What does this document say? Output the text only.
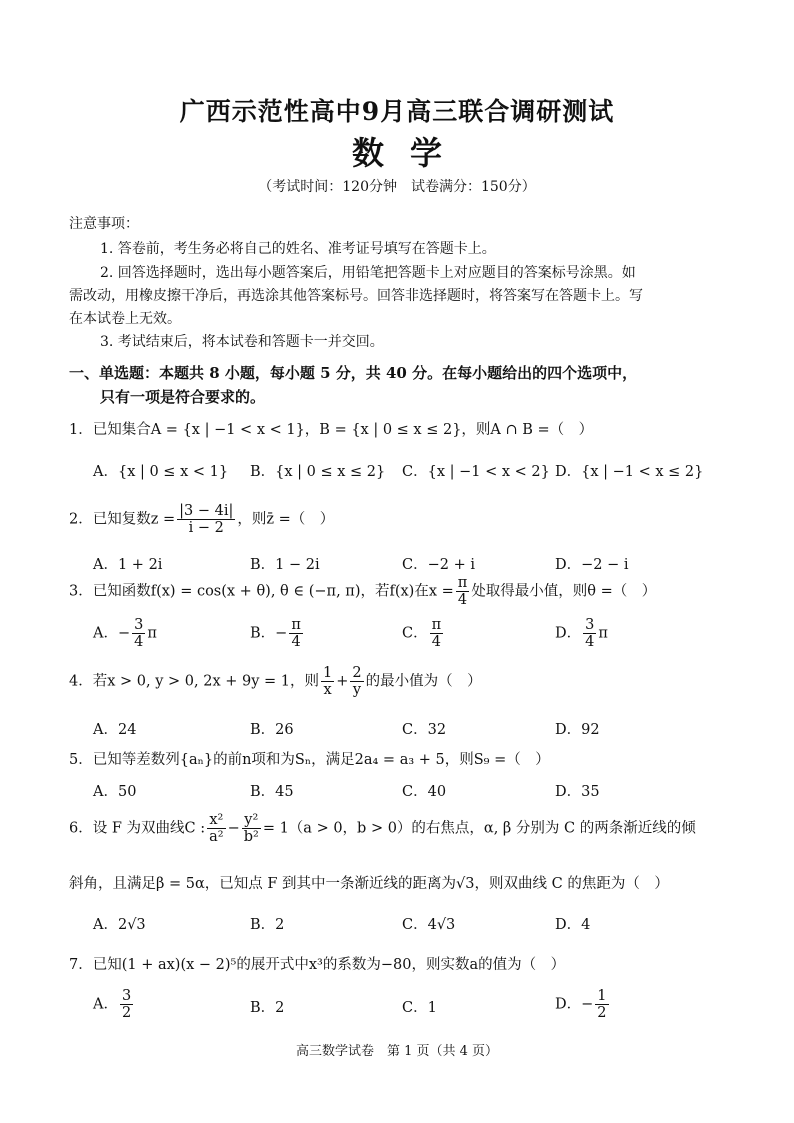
广西示范性高中9月高三联合调研测试
数学
（考试时间：120分钟　试卷满分：150分）
注意事项：
1. 答卷前，考生务必将自己的姓名、准考证号填写在答题卡上。
2. 回答选择题时，选出每小题答案后，用铅笔把答题卡上对应题目的答案标号涂黑。如
需改动，用橡皮擦干净后，再选涂其他答案标号。回答非选择题时，将答案写在答题卡上。写
在本试卷上无效。
3. 考试结束后，将本试卷和答题卡一并交回。
一、单选题：本题共 8 小题，每小题 5 分，共 40 分。在每小题给出的四个选项中，
只有一项是符合要求的。
1．已知集合A = {x | −1 < x < 1}，B = {x | 0 ≤ x ≤ 2}，则A ∩ B =（　）
A．{x | 0 ≤ x < 1} B．{x | 0 ≤ x ≤ 2} C．{x | −1 < x < 2} D．{x | −1 < x ≤ 2}
2．已知复数$z = \frac{|3 - 4i|}{i - 2}$ ，则z̄ =（　）
A．1 + 2i	B．1 − 2i	C．−2 + i	D．−2 − i
3．已知函数f(x) = cos(x + θ), θ ∈ (−π, π)，若f(x)在$x = \frac{\pi}{4}$ 处取得最小值，则θ =（　）
A．− $\frac{3}{4}$ π	B．− $\frac{\pi}{4}$	C． $\frac{\pi}{4}$	D． $\frac{3}{4}$ π
4．若x > 0, y > 0, 2x + 9y = 1，则 $\frac{1}{x} + \frac{2}{y}$ 的最小值为（　）
A．24	B．26	C．32	D．92
5．已知等差数列{aₙ}的前n项和为Sₙ，满足2a₄ = a₃ + 5，则S₉ =（　）
A．50	B．45	C．40	D．35
6．设 F 为双曲线C : $\frac{\text{x²}}{\text{a²}} - \frac{\text{y²}}{\text{b²}} = 1(a > 0$，b > 0）的右焦点，α, β 分别为 C 的两条渐近线的倾
斜角，且满足β = 5α，已知点 F 到其中一条渐近线的距离为√3，则双曲线 C 的焦距为（　）
A．2√3	B．2	C．4√3	D．4
7．已知(1 + ax)(x − 2)⁵的展开式中x³的系数为−80，则实数a的值为（　）
A． $\frac{3}{2}$	B．2	C．1	D．− $\frac{1}{2}$
高三数学试卷　第 1 页（共 4 页）
